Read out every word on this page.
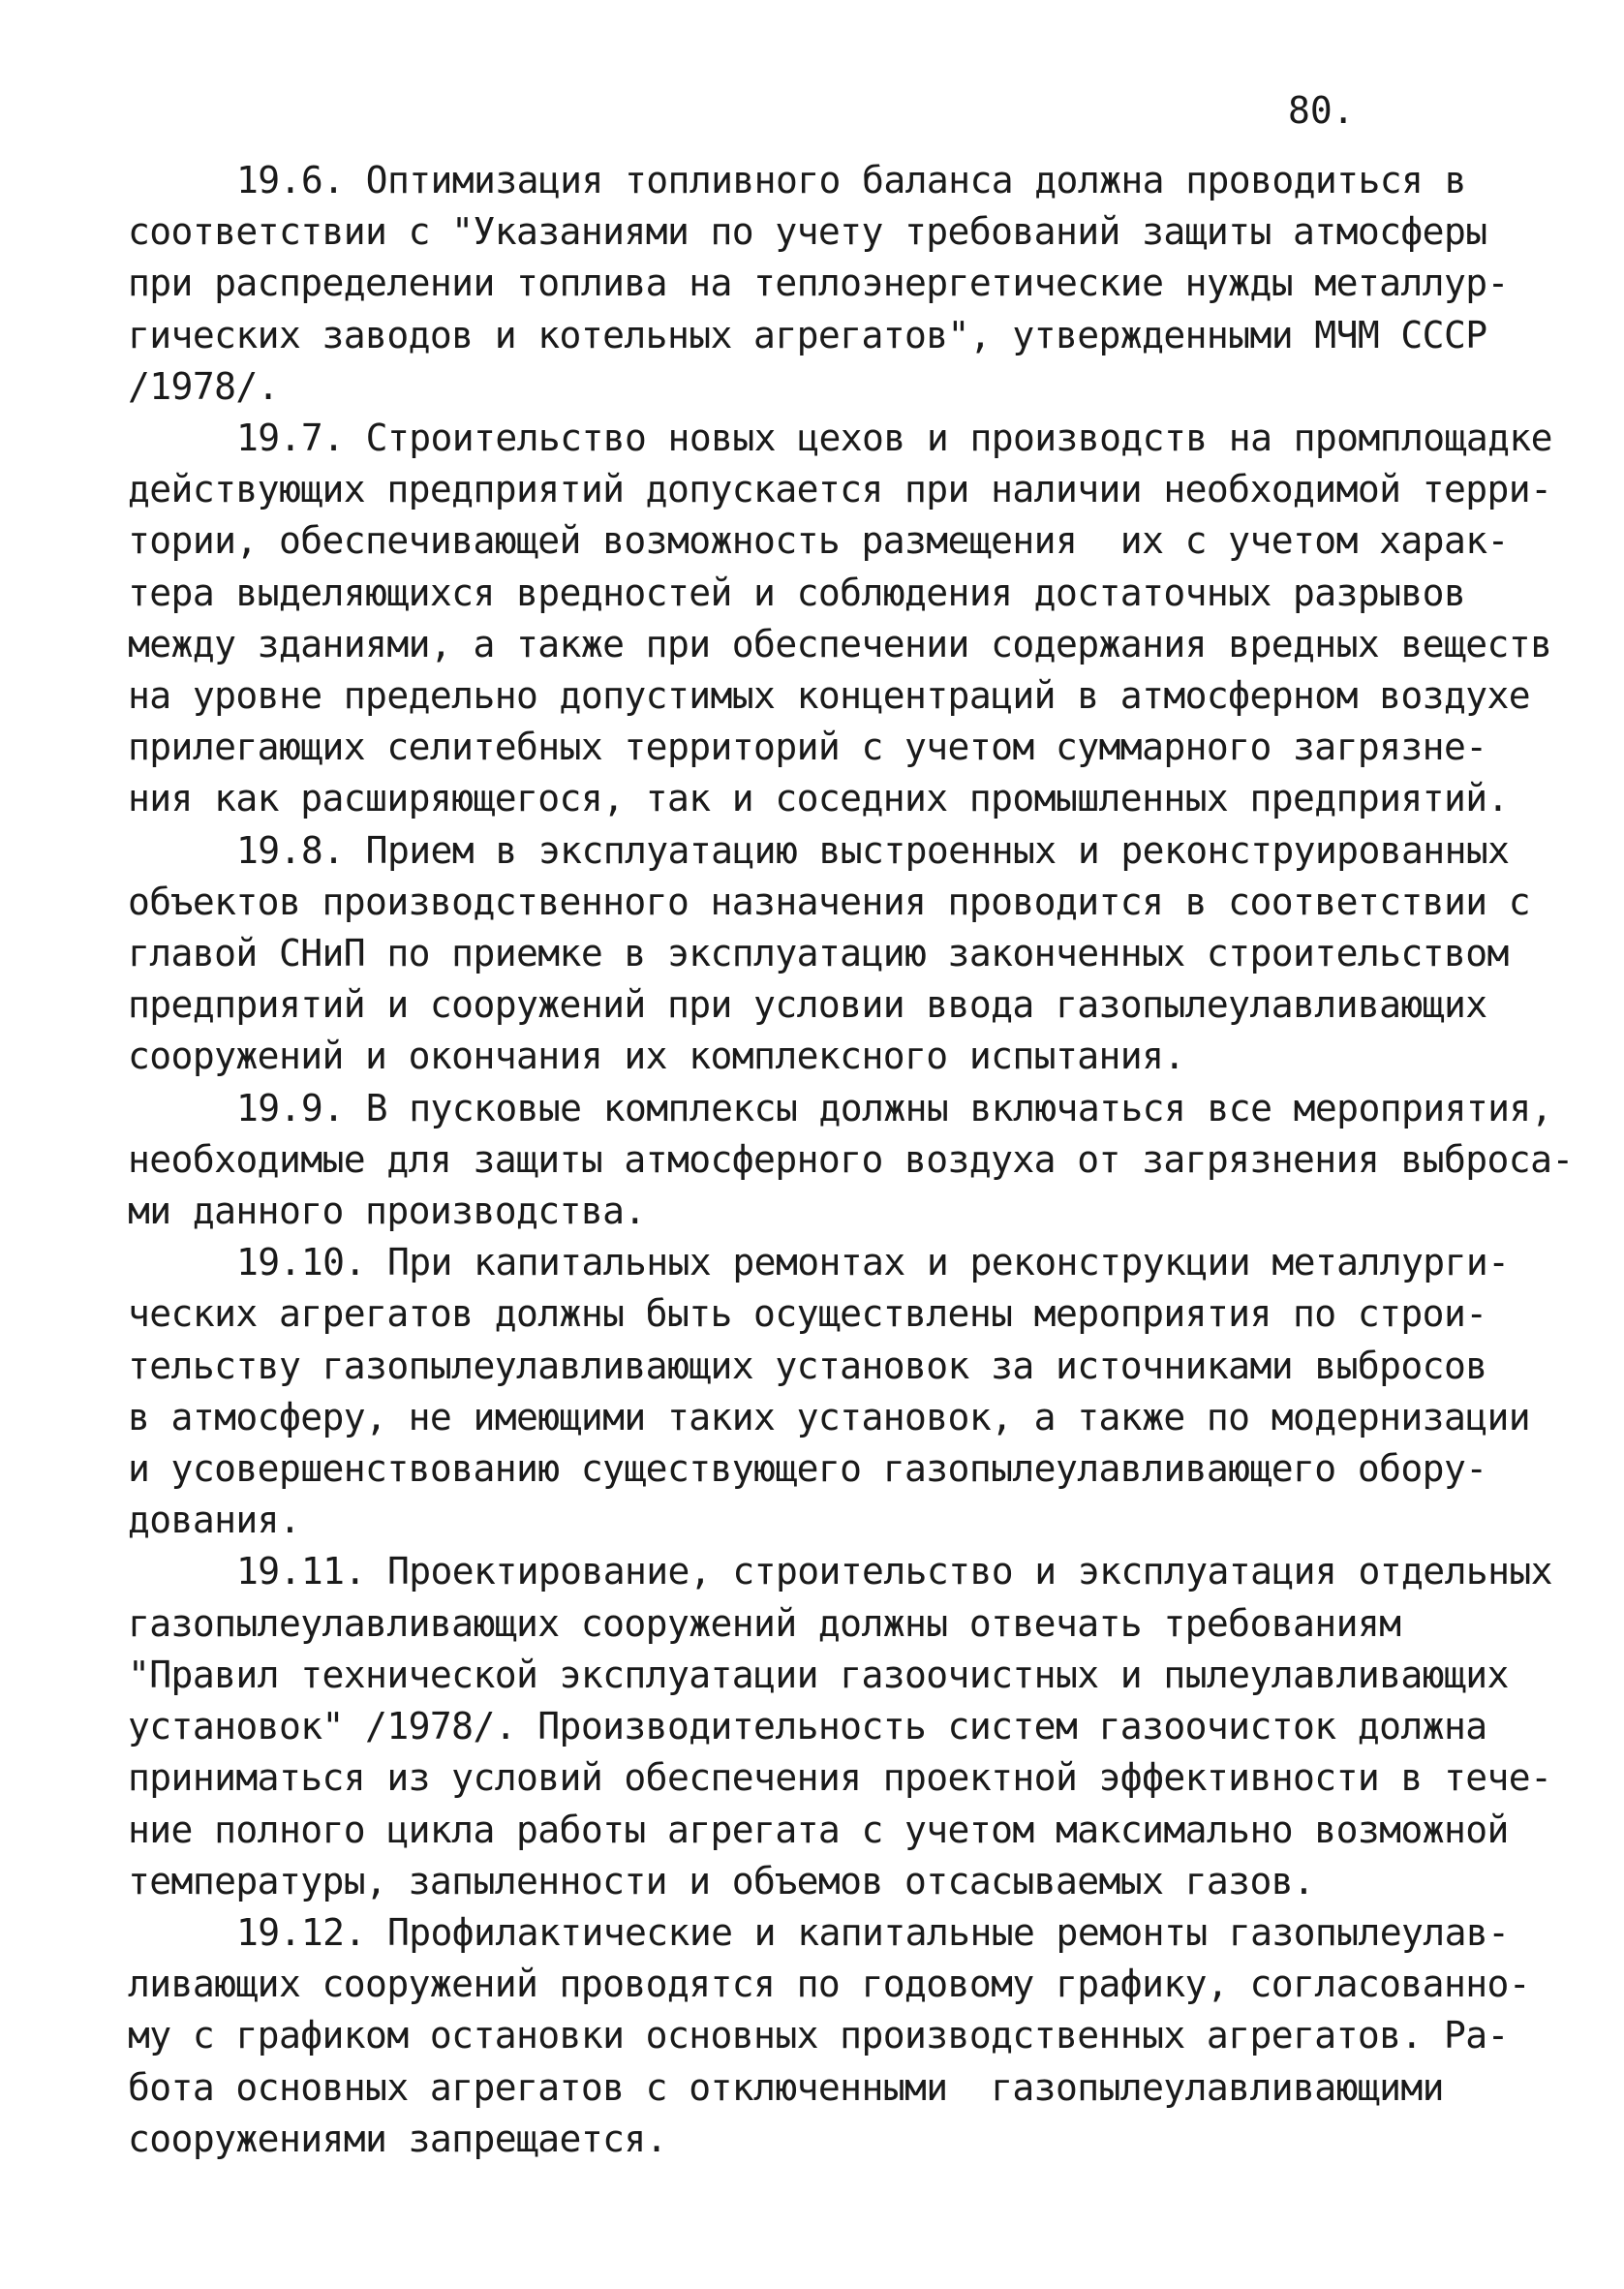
80.
19.6. Оптимизация топливного баланса должна проводиться в
соответствии с "Указаниями по учету требований защиты атмосферы
при распределении топлива на теплоэнергетические нужды металлур-
гических заводов и котельных агрегатов", утвержденными МЧМ СССР
/1978/.
19.7. Строительство новых цехов и производств на промплощадке
действующих предприятий допускается при наличии необходимой терри-
тории, обеспечивающей возможность размещения  их с учетом харак-
тера выделяющихся вредностей и соблюдения достаточных разрывов
между зданиями, а также при обеспечении содержания вредных веществ
на уровне предельно допустимых концентраций в атмосферном воздухе
прилегающих селитебных территорий с учетом суммарного загрязне-
ния как расширяющегося, так и соседних промышленных предприятий.
19.8. Прием в эксплуатацию выстроенных и реконструированных
объектов производственного назначения проводится в соответствии с
главой СНиП по приемке в эксплуатацию законченных строительством
предприятий и сооружений при условии ввода газопылеулавливающих
сооружений и окончания их комплексного испытания.
19.9. В пусковые комплексы должны включаться все мероприятия,
необходимые для защиты атмосферного воздуха от загрязнения выброса-
ми данного производства.
19.10. При капитальных ремонтах и реконструкции металлурги-
ческих агрегатов должны быть осуществлены мероприятия по строи-
тельству газопылеулавливающих установок за источниками выбросов
в атмосферу, не имеющими таких установок, а также по модернизации
и усовершенствованию существующего газопылеулавливающего обору-
дования.
19.11. Проектирование, строительство и эксплуатация отдельных
газопылеулавливающих сооружений должны отвечать требованиям
"Правил технической эксплуатации газоочистных и пылеулавливающих
установок" /1978/. Производительность систем газоочисток должна
приниматься из условий обеспечения проектной эффективности в тече-
ние полного цикла работы агрегата с учетом максимально возможной
температуры, запыленности и объемов отсасываемых газов.
19.12. Профилактические и капитальные ремонты газопылеулав-
ливающих сооружений проводятся по годовому графику, согласованно-
му с графиком остановки основных производственных агрегатов. Ра-
бота основных агрегатов с отключенными  газопылеулавливающими
сооружениями запрещается.
